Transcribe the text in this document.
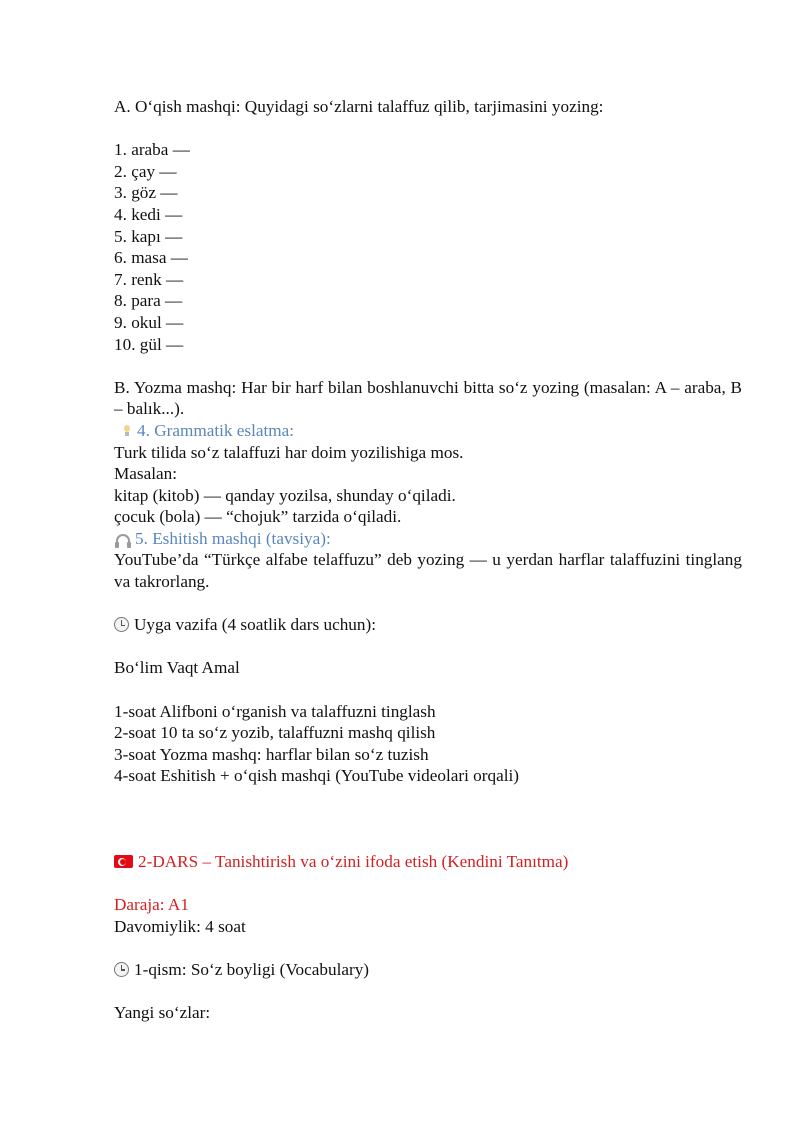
A. O‘qish mashqi: Quyidagi so‘zlarni talaffuz qilib, tarjimasini yozing:
1. araba —
2. çay —
3. göz —
4. kedi —
5. kapı —
6. masa —
7. renk —
8. para —
9. okul —
10. gül —
B. Yozma mashq: Har bir harf bilan boshlanuvchi bitta so‘z yozing (masalan: A – araba, B – balık...).
4. Grammatik eslatma:
Turk tilida so‘z talaffuzi har doim yozilishiga mos.
Masalan:
kitap (kitob) — qanday yozilsa, shunday o‘qiladi.
çocuk (bola) — “chojuk” tarzida o‘qiladi.
5. Eshitish mashqi (tavsiya):
YouTube’da “Türkçe alfabe telaffuzu” deb yozing — u yerdan harflar talaffuzini tinglang va takrorlang.
Uyga vazifa (4 soatlik dars uchun):
Bo‘lim Vaqt Amal
1-soat Alifboni o‘rganish va talaffuzni tinglash
2-soat 10 ta so‘z yozib, talaffuzni mashq qilish
3-soat Yozma mashq: harflar bilan so‘z tuzish
4-soat Eshitish + o‘qish mashqi (YouTube videolari orqali)
2-DARS – Tanishtirish va o‘zini ifoda etish (Kendini Tanıtma)
Daraja: A1
Davomiylik: 4 soat
1-qism: So‘z boyligi (Vocabulary)
Yangi so‘zlar:
